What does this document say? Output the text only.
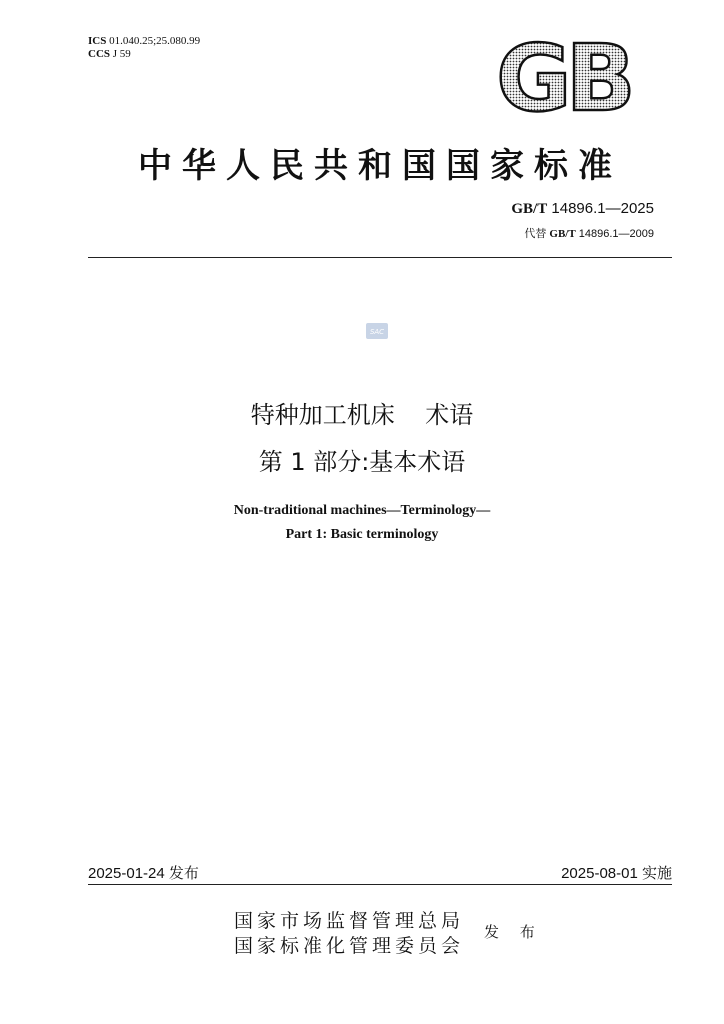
ICS 01.040.25;25.080.99
CCS J 59	GB
中华人民共和国国家标准
GB/T 14896.1—2025
代替 GB/T 14896.1—2009
SAC
特种加工机床    术语
第 1 部分:基本术语
Non-traditional machines—Terminology—
Part 1: Basic terminology
2025-01-24 发布	2025-08-01 实施
国家市场监督管理总局
国家标准化管理委员会
发 布
